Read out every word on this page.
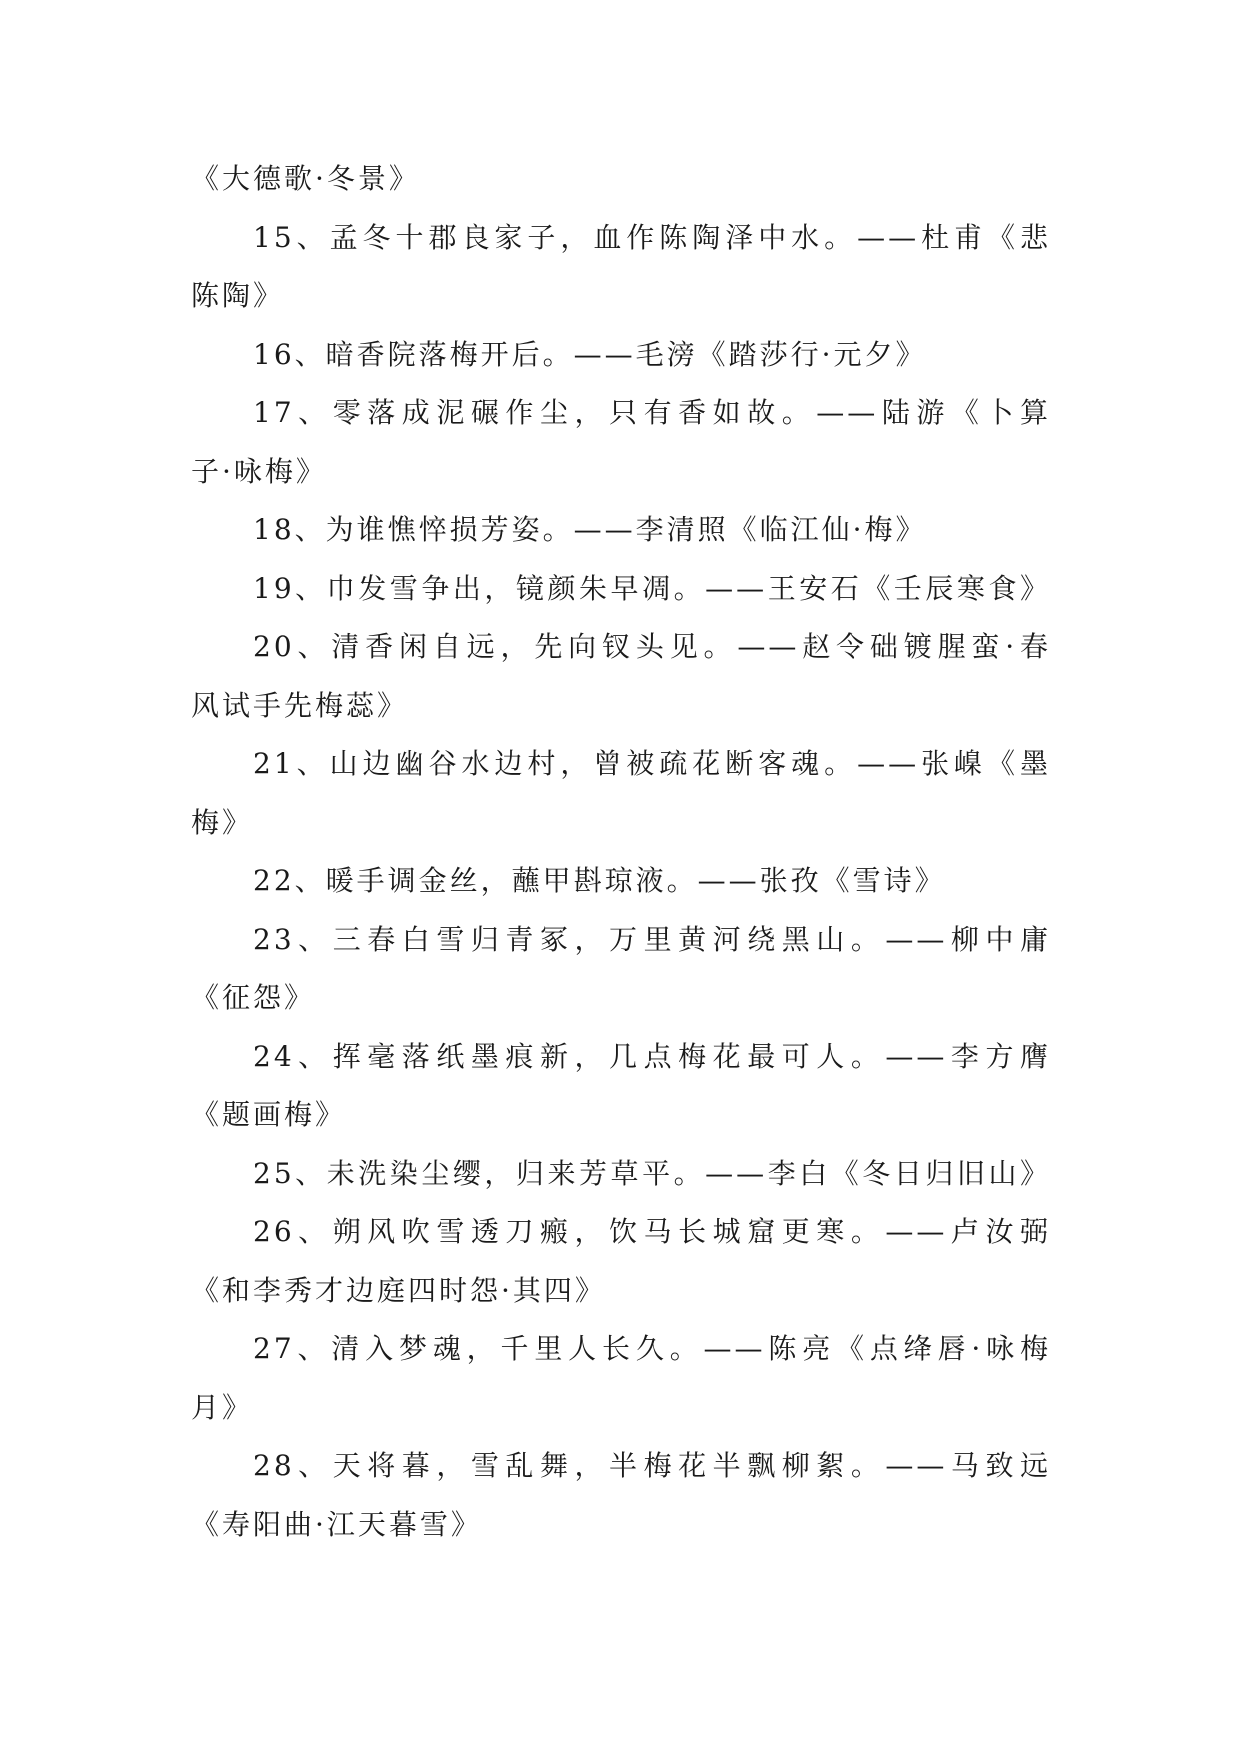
《大德歌·冬景》
15、孟冬十郡良家子，血作陈陶泽中水。——杜甫《悲
陈陶》
16、暗香院落梅开后。——毛滂《踏莎行·元夕》
17、零落成泥碾作尘，只有香如故。——陆游《卜算
子·咏梅》
18、为谁憔悴损芳姿。——李清照《临江仙·梅》
19、巾发雪争出，镜颜朱早凋。——王安石《壬辰寒食》
20、清香闲自远，先向钗头见。——赵令础镀腥蛮·春
风试手先梅蕊》
21、山边幽谷水边村，曾被疏花断客魂。——张嵲《墨
梅》
22、暖手调金丝，蘸甲斟琼液。——张孜《雪诗》
23、三春白雪归青冢，万里黄河绕黑山。——柳中庸
《征怨》
24、挥毫落纸墨痕新，几点梅花最可人。——李方膺
《题画梅》
25、未洗染尘缨，归来芳草平。——李白《冬日归旧山》
26、朔风吹雪透刀瘢，饮马长城窟更寒。——卢汝弼
《和李秀才边庭四时怨·其四》
27、清入梦魂，千里人长久。——陈亮《点绛唇·咏梅
月》
28、天将暮，雪乱舞，半梅花半飘柳絮。——马致远
《寿阳曲·江天暮雪》
